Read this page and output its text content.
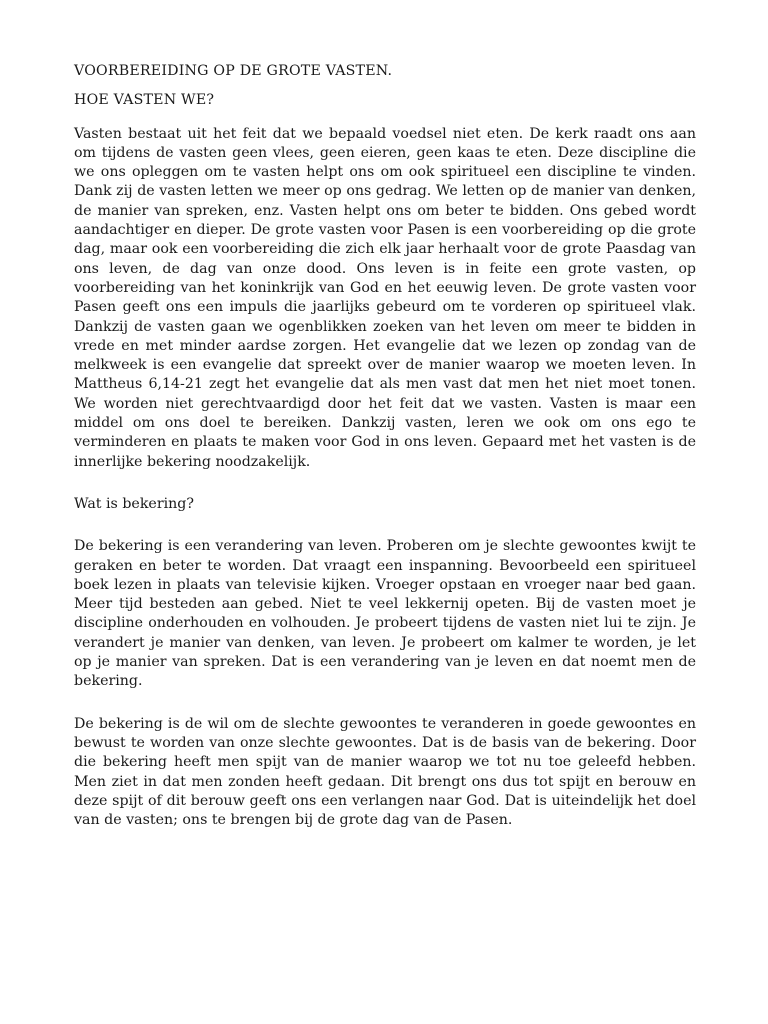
VOORBEREIDING OP DE GROTE VASTEN.

HOE VASTEN WE?

Vasten bestaat uit het feit dat we bepaald voedsel niet eten. De kerk raadt ons aan om tijdens de vasten geen vlees, geen eieren, geen kaas te eten. Deze discipline die we ons opleggen om te vasten helpt ons om ook spiritueel een discipline te vinden. Dank zij de vasten letten we meer op ons gedrag. We letten op de manier van denken, de manier van spreken, enz. Vasten helpt ons om beter te bidden. Ons gebed wordt aandachtiger en dieper. De grote vasten voor Pasen is een voorbereiding op die grote dag, maar ook een voorbereiding die zich elk jaar herhaalt voor de grote Paasdag van ons leven, de dag van onze dood. Ons leven is in feite een grote vasten, op voorbereiding van het koninkrijk van God en het eeuwig leven. De grote vasten voor Pasen geeft ons een impuls die jaarlijks gebeurd om te vorderen op spiritueel vlak. Dankzij de vasten gaan we ogenblikken zoeken van het leven om meer te bidden in vrede en met minder aardse zorgen. Het evangelie dat we lezen op zondag van de melkweek is een evangelie dat spreekt over de manier waarop we moeten leven. In Mattheus 6,14-21 zegt het evangelie dat als men vast dat men het niet moet tonen. We worden niet gerechtvaardigd door het feit dat we vasten. Vasten is maar een middel om ons doel te bereiken. Dankzij vasten, leren we ook om ons ego te verminderen en plaats te maken voor God in ons leven. Gepaard met het vasten is de innerlijke bekering noodzakelijk.

Wat is bekering?

De bekering is een verandering van leven. Proberen om je slechte gewoontes kwijt te geraken en beter te worden. Dat vraagt een inspanning. Bevoorbeeld een spiritueel boek lezen in plaats van televisie kijken. Vroeger opstaan en vroeger naar bed gaan. Meer tijd besteden aan gebed. Niet te veel lekkernij opeten. Bij de vasten moet je discipline onderhouden en volhouden. Je probeert tijdens de vasten niet lui te zijn. Je verandert je manier van denken, van leven. Je probeert om kalmer te worden, je let op je manier van spreken. Dat is een verandering van je leven en dat noemt men de bekering.

De bekering is de wil om de slechte gewoontes te veranderen in goede gewoontes en bewust te worden van onze slechte gewoontes. Dat is de basis van de bekering. Door die bekering heeft men spijt van de manier waarop we tot nu toe geleefd hebben. Men ziet in dat men zonden heeft gedaan. Dit brengt ons dus tot spijt en berouw en deze spijt of dit berouw geeft ons een verlangen naar God. Dat is uiteindelijk het doel van de vasten; ons te brengen bij de grote dag van de Pasen.
